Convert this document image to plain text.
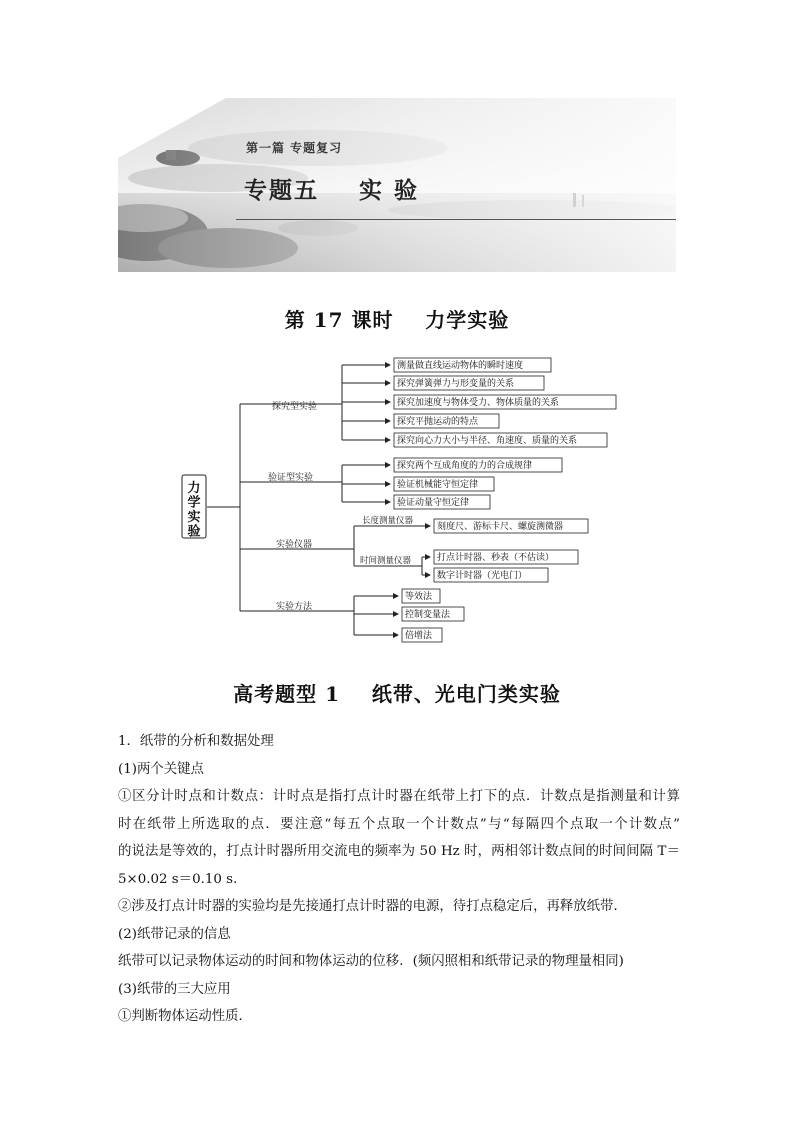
第一篇 专题复习
专题五    实 验
第 17 课时    力学实验
力学实验
探究型实验
验证型实验
实验仪器
实验方法
长度测量仪器
时间测量仪器
测量做直线运动物体的瞬时速度
探究弹簧弹力与形变量的关系
探究加速度与物体受力、物体质量的关系
探究平抛运动的特点
探究向心力大小与半径、角速度、质量的关系
探究两个互成角度的力的合成规律
验证机械能守恒定律
验证动量守恒定律
刻度尺、游标卡尺、螺旋测微器
打点计时器、秒表（不估读）
数字计时器（光电门）
等效法
控制变量法
倍增法
高考题型 1    纸带、光电门类实验

1．纸带的分析和数据处理

(1)两个关键点

①区分计时点和计数点：计时点是指打点计时器在纸带上打下的点．计数点是指测量和计算

时在纸带上所选取的点．要注意“每五个点取一个计数点”与“每隔四个点取一个计数点”

的说法是等效的，打点计时器所用交流电的频率为 50 Hz 时，两相邻计数点间的时间间隔 T＝

5×0.02 s＝0.10 s.

②涉及打点计时器的实验均是先接通打点计时器的电源，待打点稳定后，再释放纸带．

(2)纸带记录的信息

纸带可以记录物体运动的时间和物体运动的位移．(频闪照相和纸带记录的物理量相同)

(3)纸带的三大应用

①判断物体运动性质．
